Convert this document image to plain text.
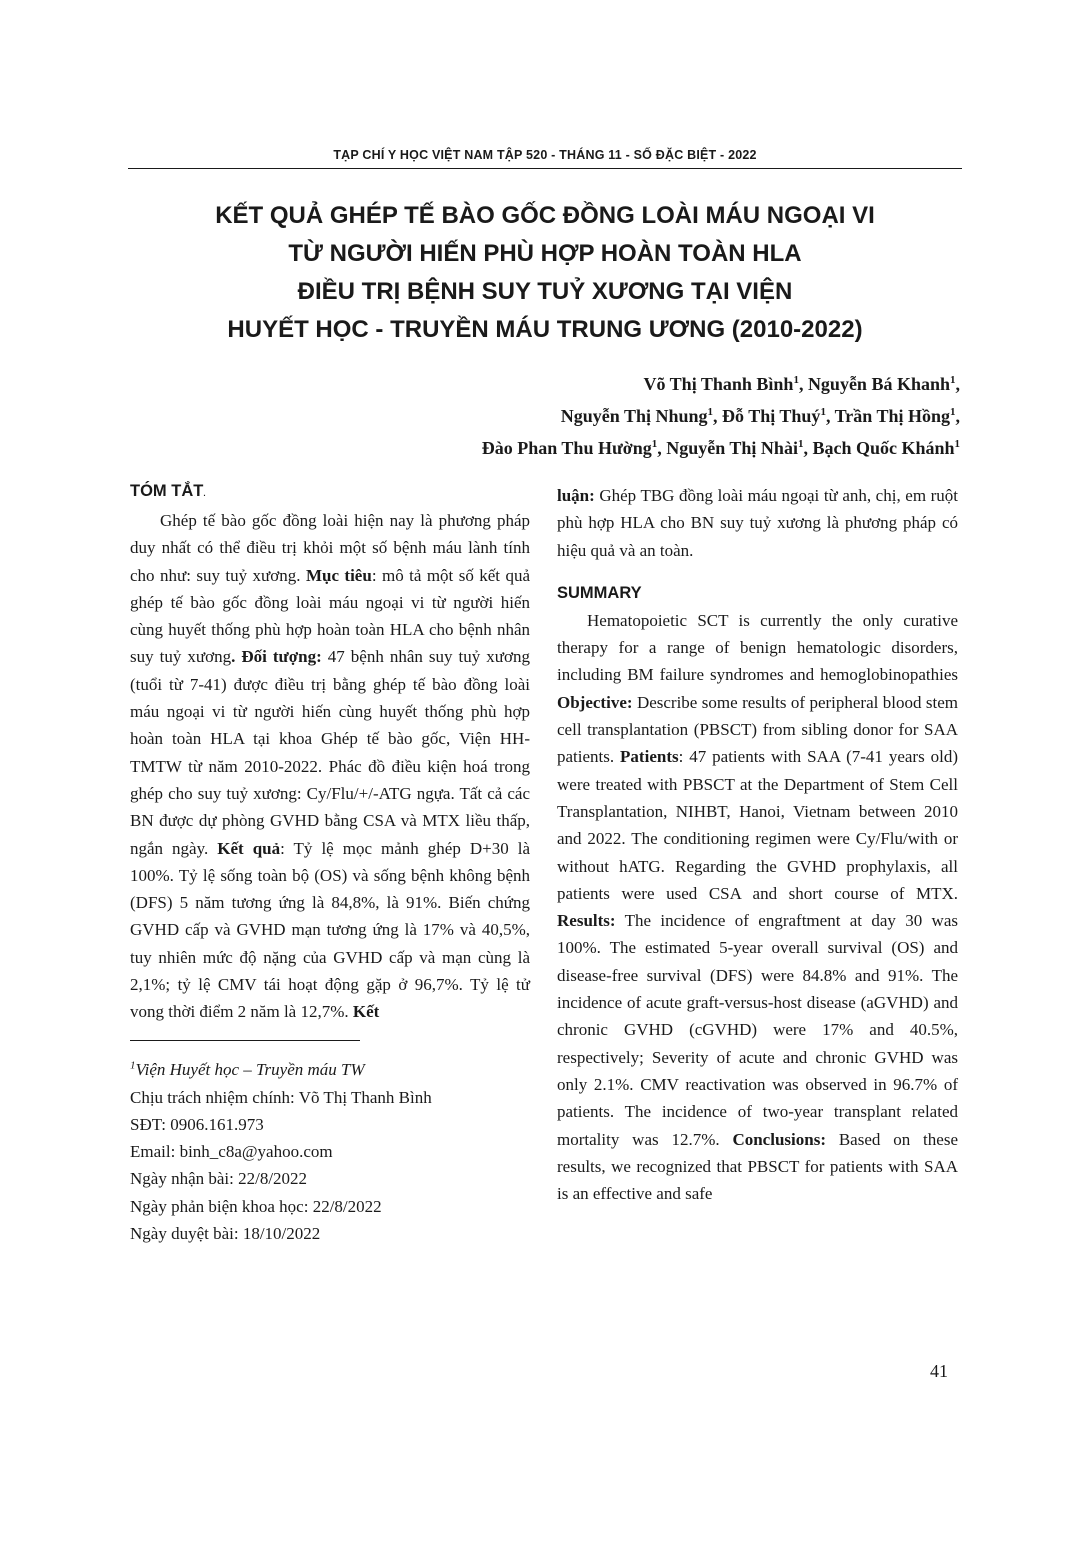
TẠP CHÍ Y HỌC VIỆT NAM TẬP 520 - THÁNG 11 - SỐ ĐẶC BIỆT - 2022
KẾT QUẢ GHÉP TẾ BÀO GỐC ĐỒNG LOÀI MÁU NGOẠI VI
TỪ NGƯỜI HIẾN PHÙ HỢP HOÀN TOÀN HLA
ĐIỀU TRỊ BỆNH SUY TUỶ XƯƠNG TẠI VIỆN
HUYẾT HỌC - TRUYỀN MÁU TRUNG ƯƠNG (2010-2022)
Võ Thị Thanh Bình$^1$, Nguyễn Bá Khanh$^1$,
Nguyễn Thị Nhung$^1$, Đỗ Thị Thuý$^1$, Trần Thị Hồng$^1$,
Đào Phan Thu Hường$^1$, Nguyễn Thị Nhài$^1$, Bạch Quốc Khánh$^1$
TÓM TẮT.

Ghép tế bào gốc đồng loài hiện nay là phương pháp duy nhất có thể điều trị khỏi một số bệnh máu lành tính cho như: suy tuỷ xương. Mục tiêu: mô tả một số kết quả ghép tế bào gốc đồng loài máu ngoại vi từ người hiến cùng huyết thống phù hợp hoàn toàn HLA cho bệnh nhân suy tuỷ xương. Đối tượng: 47 bệnh nhân suy tuỷ xương (tuổi từ 7-41) được điều trị bằng ghép tế bào đồng loài máu ngoại vi từ người hiến cùng huyết thống phù hợp hoàn toàn HLA tại khoa Ghép tế bào gốc, Viện HH-TMTW từ năm 2010-2022. Phác đồ điều kiện hoá trong ghép cho suy tuỷ xương: Cy/Flu/+/-ATG ngựa. Tất cả các BN được dự phòng GVHD bằng CSA và MTX liều thấp, ngắn ngày. Kết quả: Tỷ lệ mọc mảnh ghép D+30 là 100%. Tỷ lệ sống toàn bộ (OS) và sống bệnh không bệnh (DFS) 5 năm tương ứng là 84,8%, là 91%. Biến chứng GVHD cấp và GVHD mạn tương ứng là 17% và 40,5%, tuy nhiên mức độ nặng của GVHD cấp và mạn cùng là 2,1%; tỷ lệ CMV tái hoạt động gặp ở 96,7%. Tỷ lệ tử vong thời điểm 2 năm là 12,7%. Kết

$^1$Viện Huyết học – Truyền máu TW
Chịu trách nhiệm chính: Võ Thị Thanh Bình
SĐT: 0906.161.973
Email: binh_c8a@yahoo.com
Ngày nhận bài: 22/8/2022
Ngày phản biện khoa học: 22/8/2022
Ngày duyệt bài: 18/10/2022

luận: Ghép TBG đồng loài máu ngoại từ anh, chị, em ruột phù hợp HLA cho BN suy tuỷ xương là phương pháp có hiệu quả và an toàn.

SUMMARY

Hematopoietic SCT is currently the only curative therapy for a range of benign hematologic disorders, including BM failure syndromes and hemoglobinopathies Objective: Describe some results of peripheral blood stem cell transplantation (PBSCT) from sibling donor for SAA patients. Patients: 47 patients with SAA (7-41 years old) were treated with PBSCT at the Department of Stem Cell Transplantation, NIHBT, Hanoi, Vietnam between 2010 and 2022. The conditioning regimen were Cy/Flu/with or without hATG. Regarding the GVHD prophylaxis, all patients were used CSA and short course of MTX. Results: The incidence of engraftment at day 30 was 100%. The estimated 5-year overall survival (OS) and disease-free survival (DFS) were 84.8% and 91%. The incidence of acute graft-versus-host disease (aGVHD) and chronic GVHD (cGVHD) were 17% and 40.5%, respectively; Severity of acute and chronic GVHD was only 2.1%. CMV reactivation was observed in 96.7% of patients. The incidence of two-year transplant related mortality was 12.7%. Conclusions: Based on these results, we recognized that PBSCT for patients with SAA is an effective and safe

41
